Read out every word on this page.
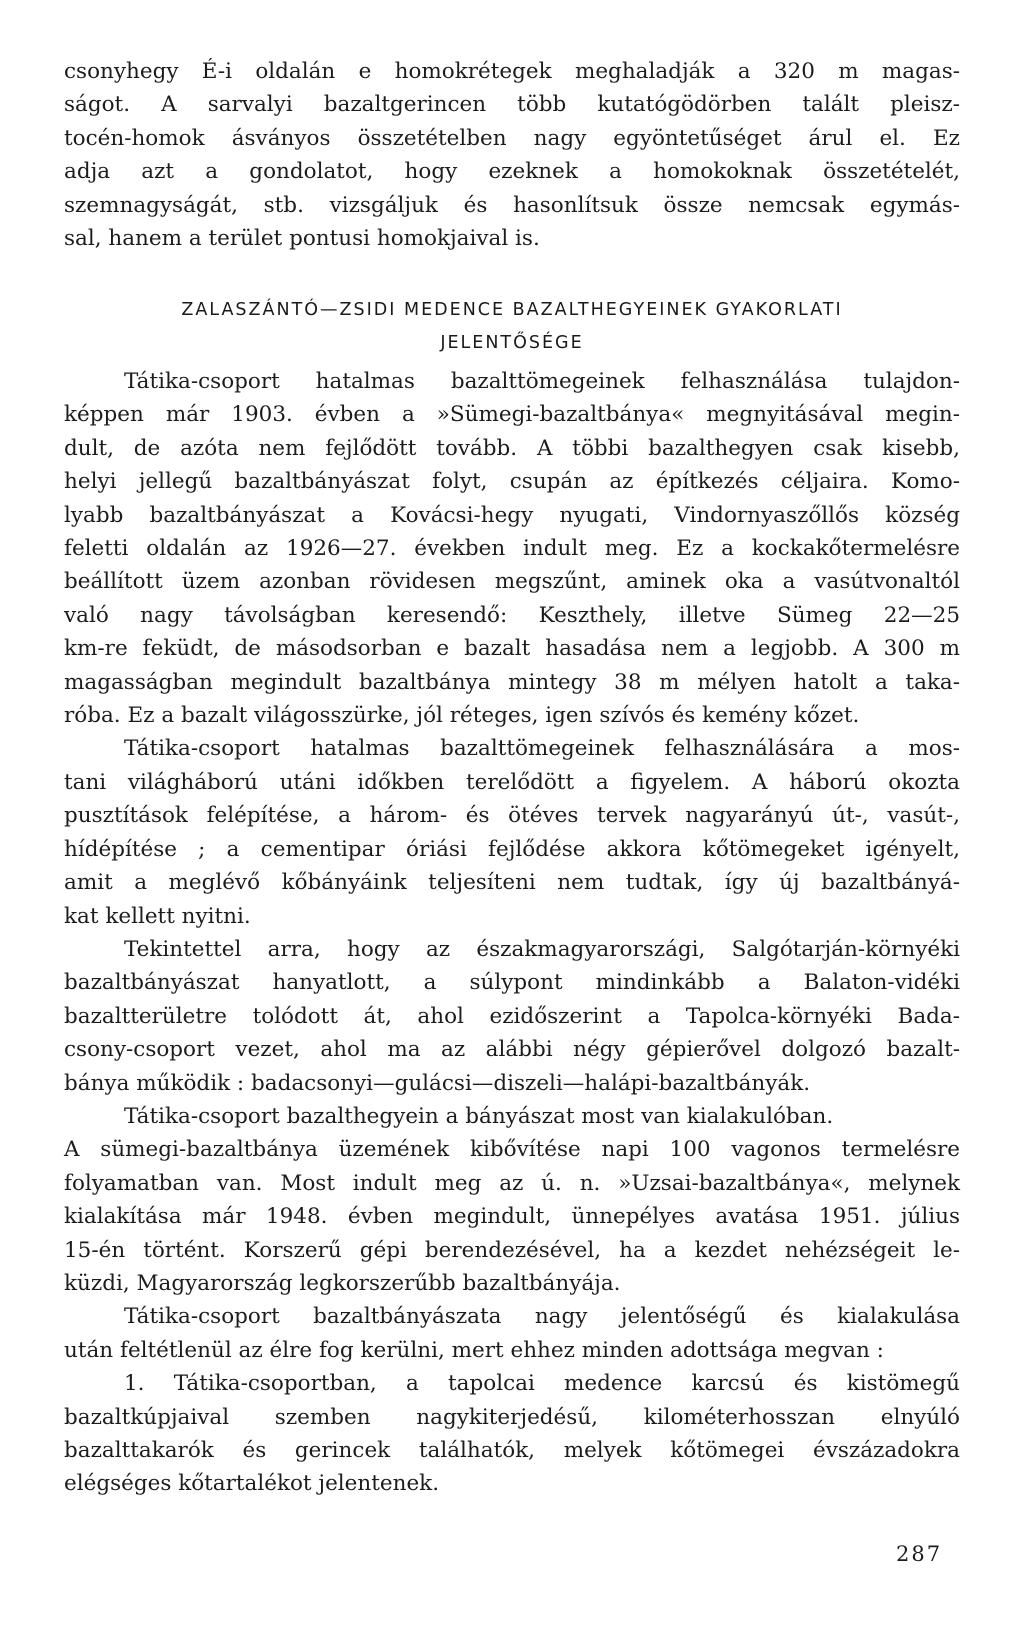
csonyhegy É-i oldalán e homokrétegek meghaladják a 320 m magas-
ságot. A sarvalyi bazaltgerincen több kutatógödörben talált pleisz-
tocén-homok ásványos összetételben nagy egyöntetűséget árul el. Ez
adja azt a gondolatot, hogy ezeknek a homokoknak összetételét,
szemnagyságát, stb. vizsgáljuk és hasonlítsuk össze nemcsak egymás-
sal, hanem a terület pontusi homokjaival is.
ZALASZÁNTÓ—ZSIDI MEDENCE BAZALTHEGYEINEK GYAKORLATI
JELENTŐSÉGE
Tátika-csoport hatalmas bazalttömegeinek felhasználása tulajdon-
képpen már 1903. évben a »Sümegi-bazaltbánya« megnyitásával megin-
dult, de azóta nem fejlődött tovább. A többi bazalthegyen csak kisebb,
helyi jellegű bazaltbányászat folyt, csupán az építkezés céljaira. Komo-
lyabb bazaltbányászat a Kovácsi-hegy nyugati, Vindornyaszőllős község
feletti oldalán az 1926—27. években indult meg. Ez a kockakőtermelésre
beállított üzem azonban rövidesen megszűnt, aminek oka a vasútvonaltól
való nagy távolságban keresendő: Keszthely, illetve Sümeg 22—25
km-re feküdt, de másodsorban e bazalt hasadása nem a legjobb. A 300 m
magasságban megindult bazaltbánya mintegy 38 m mélyen hatolt a taka-
róba. Ez a bazalt világosszürke, jól réteges, igen szívós és kemény kőzet.
Tátika-csoport hatalmas bazalttömegeinek felhasználására a mos-
tani világháború utáni időkben terelődött a figyelem. A háború okozta
pusztítások felépítése, a három- és ötéves tervek nagyarányú út-, vasút-,
hídépítése ; a cementipar óriási fejlődése akkora kőtömegeket igényelt,
amit a meglévő kőbányáink teljesíteni nem tudtak, így új bazaltbányá-
kat kellett nyitni.
Tekintettel arra, hogy az északmagyarországi, Salgótarján-környéki
bazaltbányászat hanyatlott, a súlypont mindinkább a Balaton-vidéki
bazaltterületre tolódott át, ahol ezidőszerint a Tapolca-környéki Bada-
csony-csoport vezet, ahol ma az alábbi négy gépierővel dolgozó bazalt-
bánya működik : badacsonyi—gulácsi—diszeli—halápi-bazaltbányák.
Tátika-csoport bazalthegyein a bányászat most van kialakulóban.
A sümegi-bazaltbánya üzemének kibővítése napi 100 vagonos termelésre
folyamatban van. Most indult meg az ú. n. »Uzsai-bazaltbánya«, melynek
kialakítása már 1948. évben megindult, ünnepélyes avatása 1951. július
15-én történt. Korszerű gépi berendezésével, ha a kezdet nehézségeit le-
küzdi, Magyarország legkorszerűbb bazaltbányája.
Tátika-csoport bazaltbányászata nagy jelentőségű és kialakulása
után feltétlenül az élre fog kerülni, mert ehhez minden adottsága megvan :
1. Tátika-csoportban, a tapolcai medence karcsú és kistömegű
bazaltkúpjaival szemben nagykiterjedésű, kilométerhosszan elnyúló
bazalttakarók és gerincek találhatók, melyek kőtömegei évszázadokra
elégséges kőtartalékot jelentenek.
287
